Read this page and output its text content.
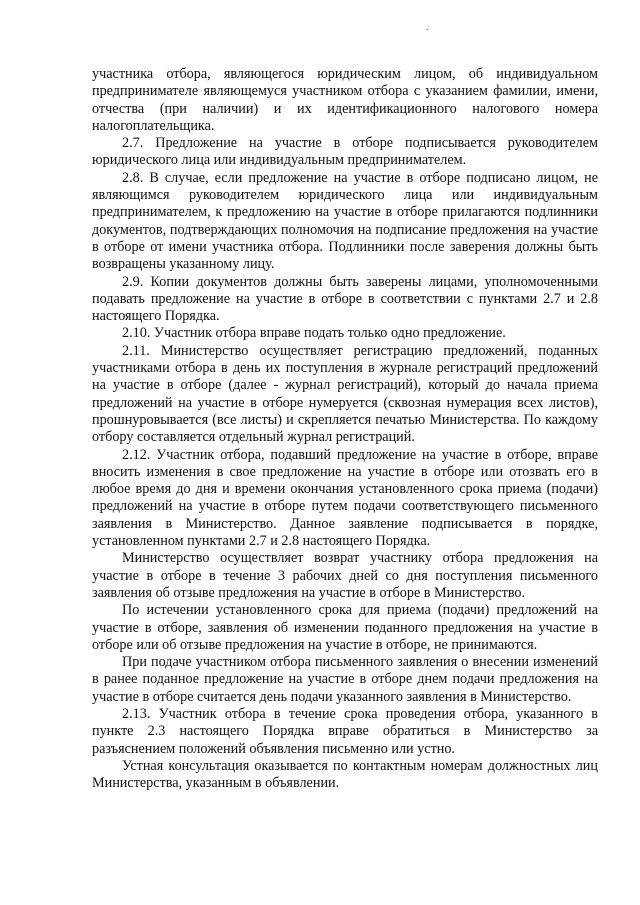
.

участника отбора, являющегося юридическим лицом, об индивидуальном предпринимателе являющемуся участником отбора с указанием фамилии, имени, отчества (при наличии) и их идентификационного налогового номера налогоплательщика.

2.7. Предложение на участие в отборе подписывается руководителем юридического лица или индивидуальным предпринимателем.

2.8. В случае, если предложение на участие в отборе подписано лицом, не являющимся руководителем юридического лица или индивидуальным предпринимателем, к предложению на участие в отборе прилагаются подлинники документов, подтверждающих полномочия на подписание предложения на участие в отборе от имени участника отбора. Подлинники после заверения должны быть возвращены указанному лицу.

2.9. Копии документов должны быть заверены лицами, уполномоченными подавать предложение на участие в отборе в соответствии с пунктами 2.7 и 2.8 настоящего Порядка.

2.10. Участник отбора вправе подать только одно предложение.

2.11. Министерство осуществляет регистрацию предложений, поданных участниками отбора в день их поступления в журнале регистраций предложений на участие в отборе (далее - журнал регистраций), который до начала приема предложений на участие в отборе нумеруется (сквозная нумерация всех листов), прошнуровывается (все листы) и скрепляется печатью Министерства. По каждому отбору составляется отдельный журнал регистраций.

2.12. Участник отбора, подавший предложение на участие в отборе, вправе вносить изменения в свое предложение на участие в отборе или отозвать его в любое время до дня и времени окончания установленного срока приема (подачи) предложений на участие в отборе путем подачи соответствующего письменного заявления в Министерство. Данное заявление подписывается в порядке, установленном пунктами 2.7 и 2.8 настоящего Порядка.

Министерство осуществляет возврат участнику отбора предложения на участие в отборе в течение 3 рабочих дней со дня поступления письменного заявления об отзыве предложения на участие в отборе в Министерство.

По истечении установленного срока для приема (подачи) предложений на участие в отборе, заявления об изменении поданного предложения на участие в отборе или об отзыве предложения на участие в отборе, не принимаются.

При подаче участником отбора письменного заявления о внесении изменений в ранее поданное предложение на участие в отборе днем подачи предложения на участие в отборе считается день подачи указанного заявления в Министерство.

2.13. Участник отбора в течение срока проведения отбора, указанного в пункте 2.3 настоящего Порядка вправе обратиться в Министерство за разъяснением положений объявления письменно или устно.

Устная консультация оказывается по контактным номерам должностных лиц Министерства, указанным в объявлении.
